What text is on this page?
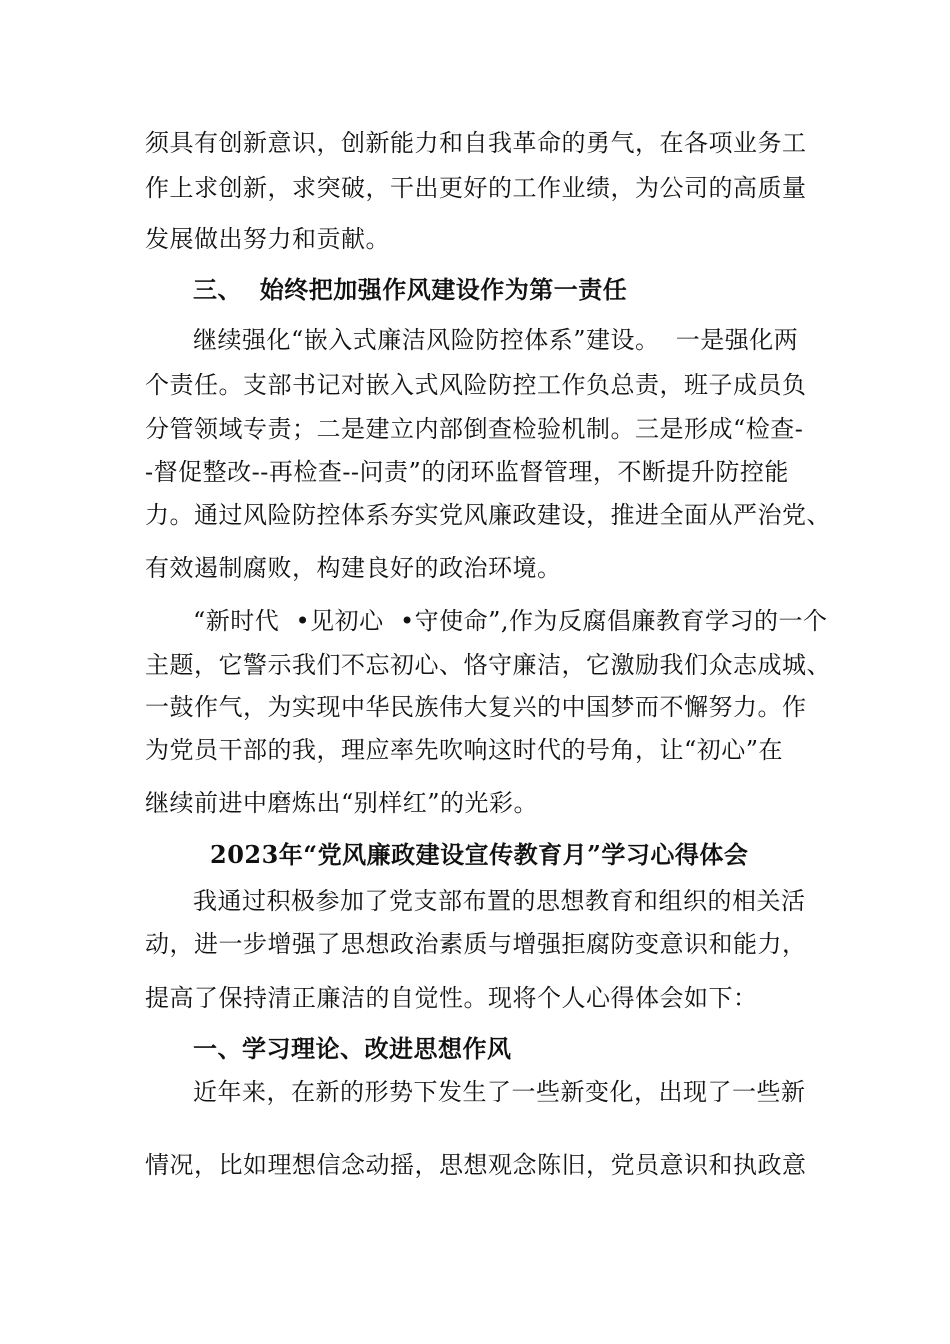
须具有创新意识，创新能力和自我革命的勇气，在各项业务工
作上求创新，求突破，干出更好的工作业绩，为公司的高质量
发展做出努力和贡献。
三、  始终把加强作风建设作为第一责任
继续强化“嵌入式廉洁风险防控体系”建设。  一是强化两
个责任。支部书记对嵌入式风险防控工作负总责，班子成员负
分管领域专责；二是建立内部倒查检验机制。三是形成“检查-
-督促整改--再检查--问责”的闭环监督管理，不断提升防控能
力。通过风险防控体系夯实党风廉政建设，推进全面从严治党、
有效遏制腐败，构建良好的政治环境。
“新时代  •见初心  •守使命”,作为反腐倡廉教育学习的一个
主题，它警示我们不忘初心、恪守廉洁，它激励我们众志成城、
一鼓作气，为实现中华民族伟大复兴的中国梦而不懈努力。作
为党员干部的我，理应率先吹响这时代的号角，让“初心”在
继续前进中磨炼出“别样红”的光彩。
2023年“党风廉政建设宣传教育月”学习心得体会
我通过积极参加了党支部布置的思想教育和组织的相关活
动，进一步增强了思想政治素质与增强拒腐防变意识和能力，
提高了保持清正廉洁的自觉性。现将个人心得体会如下：
一、学习理论、改进思想作风
近年来，在新的形势下发生了一些新变化，出现了一些新
情况，比如理想信念动摇，思想观念陈旧，党员意识和执政意
